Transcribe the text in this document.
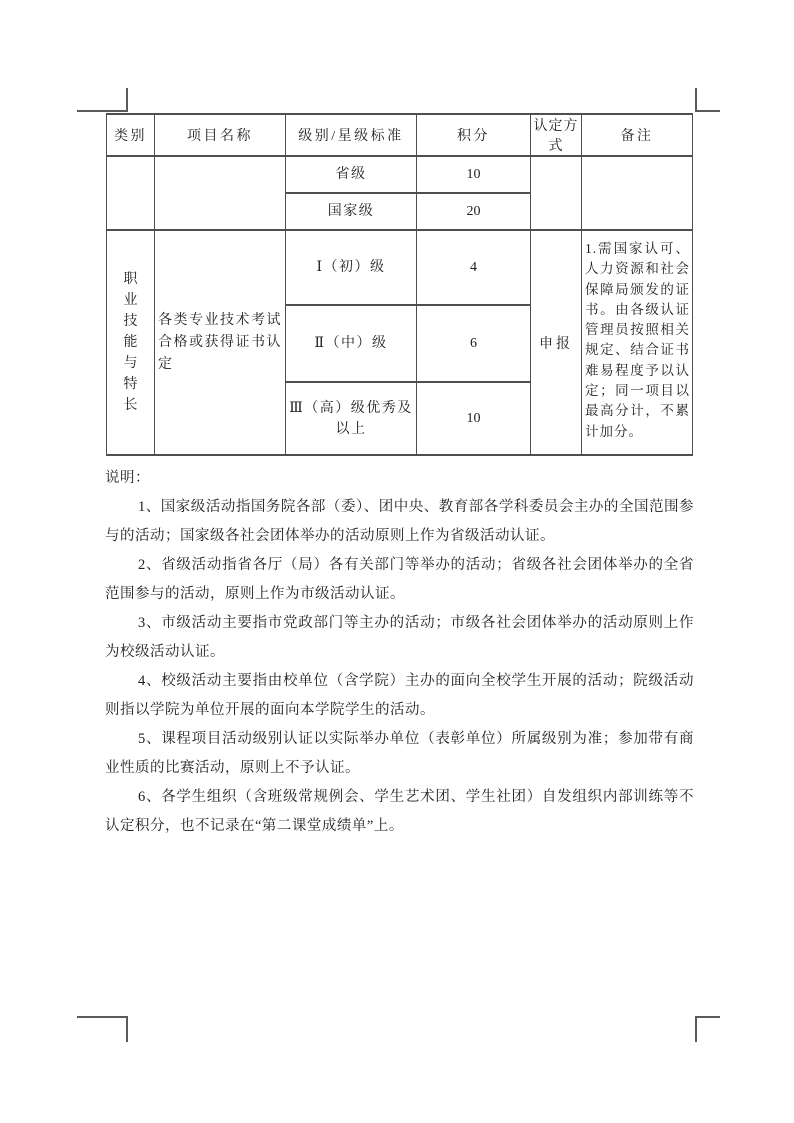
类别	项目名称	级别/星级标准	积分	认定方式	备注
		省级	10		
		国家级	20		
职业技能与特长	各类专业技术考试合格或获得证书认定	Ⅰ（初）级	4	申报	1.需国家认可、人力资源和社会保障局颁发的证书。由各级认证管理员按照相关规定、结合证书难易程度予以认定；同一项目以最高分计，不累计加分。
		Ⅱ（中）级	6		
		Ⅲ（高）级优秀及以上	10		

说明：

1、国家级活动指国务院各部（委）、团中央、教育部各学科委员会主办的全国范围参与的活动；国家级各社会团体举办的活动原则上作为省级活动认证。

2、省级活动指省各厅（局）各有关部门等举办的活动；省级各社会团体举办的全省范围参与的活动，原则上作为市级活动认证。

3、市级活动主要指市党政部门等主办的活动；市级各社会团体举办的活动原则上作为校级活动认证。

4、校级活动主要指由校单位（含学院）主办的面向全校学生开展的活动；院级活动则指以学院为单位开展的面向本学院学生的活动。

5、课程项目活动级别认证以实际举办单位（表彰单位）所属级别为准；参加带有商业性质的比赛活动，原则上不予认证。

6、各学生组织（含班级常规例会、学生艺术团、学生社团）自发组织内部训练等不认定积分，也不记录在“第二课堂成绩单”上。
